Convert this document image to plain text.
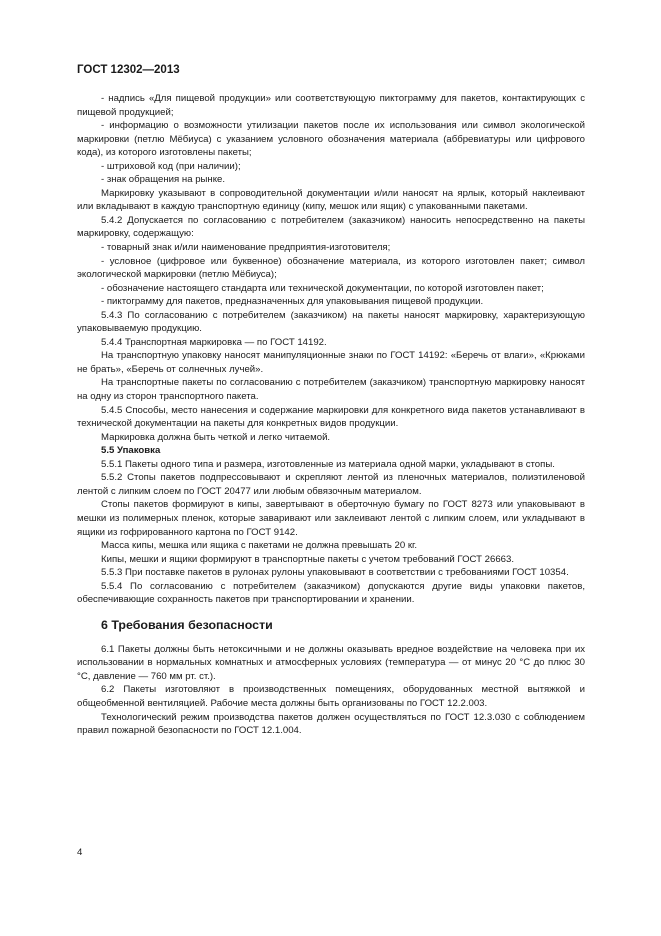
ГОСТ 12302—2013

- надпись «Для пищевой продукции» или соответствующую пиктограмму для пакетов, контактирующих с пищевой продукцией;

- информацию о возможности утилизации пакетов после их использования или символ экологической маркировки (петлю Мёбиуса) с указанием условного обозначения материала (аббревиатуры или цифрового кода), из которого изготовлены пакеты;

- штриховой код (при наличии);

- знак обращения на рынке.

Маркировку указывают в сопроводительной документации и/или наносят на ярлык, который наклеивают или вкладывают в каждую транспортную единицу (кипу, мешок или ящик) с упакованными пакетами.

5.4.2 Допускается по согласованию с потребителем (заказчиком) наносить непосредственно на пакеты маркировку, содержащую:

- товарный знак и/или наименование предприятия-изготовителя;

- условное (цифровое или буквенное) обозначение материала, из которого изготовлен пакет; символ экологической маркировки (петлю Мёбиуса);

- обозначение настоящего стандарта или технической документации, по которой изготовлен пакет;

- пиктограмму для пакетов, предназначенных для упаковывания пищевой продукции.

5.4.3 По согласованию с потребителем (заказчиком) на пакеты наносят маркировку, характеризующую упаковываемую продукцию.

5.4.4 Транспортная маркировка — по ГОСТ 14192.

На транспортную упаковку наносят манипуляционные знаки по ГОСТ 14192: «Беречь от влаги», «Крюками не брать», «Беречь от солнечных лучей».

На транспортные пакеты по согласованию с потребителем (заказчиком) транспортную маркировку наносят на одну из сторон транспортного пакета.

5.4.5 Способы, место нанесения и содержание маркировки для конкретного вида пакетов устанавливают в технической документации на пакеты для конкретных видов продукции.

Маркировка должна быть четкой и легко читаемой.

5.5 Упаковка

5.5.1 Пакеты одного типа и размера, изготовленные из материала одной марки, укладывают в стопы.

5.5.2 Стопы пакетов подпрессовывают и скрепляют лентой из пленочных материалов, полиэтиленовой лентой с липким слоем по ГОСТ 20477 или любым обвязочным материалом.

Стопы пакетов формируют в кипы, завертывают в оберточную бумагу по ГОСТ 8273 или упаковывают в мешки из полимерных пленок, которые заваривают или заклеивают лентой с липким слоем, или укладывают в ящики из гофрированного картона по ГОСТ 9142.

Масса кипы, мешка или ящика с пакетами не должна превышать 20 кг.

Кипы, мешки и ящики формируют в транспортные пакеты с учетом требований ГОСТ 26663.

5.5.3 При поставке пакетов в рулонах рулоны упаковывают в соответствии с требованиями ГОСТ 10354.

5.5.4 По согласованию с потребителем (заказчиком) допускаются другие виды упаковки пакетов, обеспечивающие сохранность пакетов при транспортировании и хранении.

6 Требования безопасности

6.1 Пакеты должны быть нетоксичными и не должны оказывать вредное воздействие на человека при их использовании в нормальных комнатных и атмосферных условиях (температура — от минус 20 °С до плюс 30 °С, давление — 760 мм рт. ст.).

6.2 Пакеты изготовляют в производственных помещениях, оборудованных местной вытяжкой и общеобменной вентиляцией. Рабочие места должны быть организованы по ГОСТ 12.2.003.

Технологический режим производства пакетов должен осуществляться по ГОСТ 12.3.030 с соблюдением правил пожарной безопасности по ГОСТ 12.1.004.

4
